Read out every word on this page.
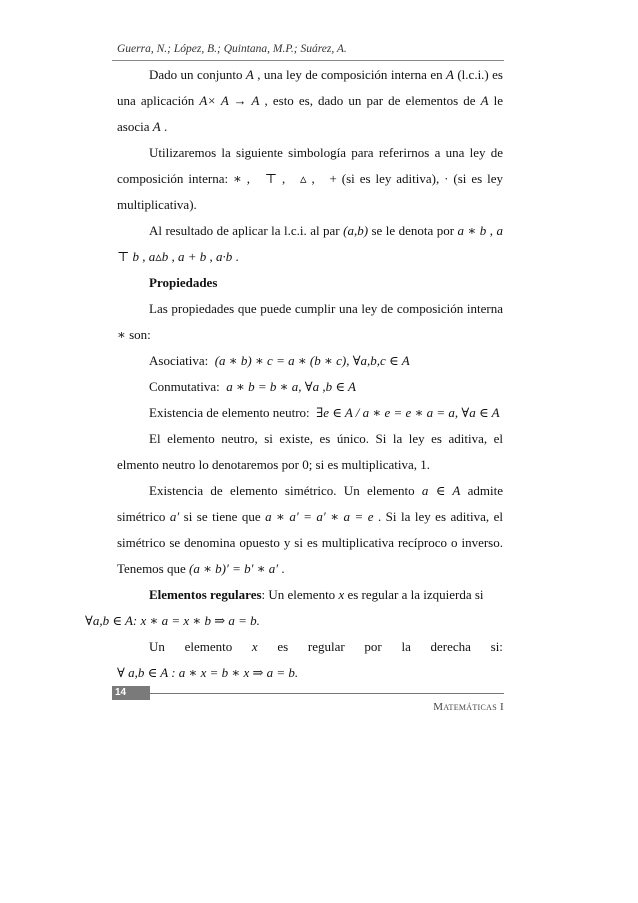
Guerra, N.; López, B.; Quintana, M.P.; Suárez, A.

Dado un conjunto A , una ley de composición interna en A (l.c.i.) es una aplicación A× A → A , esto es, dado un par de elementos de A le asocia A .

Utilizaremos la siguiente simbología para referirnos a una ley de composición interna: ∗ ,   ⊤ ,   ▵ ,   + (si es ley aditiva), · (si es ley multiplicativa).

Al resultado de aplicar la l.c.i. al par (a,b) se le denota por a ∗ b , a ⊤ b , a▵b , a + b , a·b .

Propiedades

Las propiedades que puede cumplir una ley de composición interna ∗ son:

Asociativa: (a ∗ b) ∗ c = a ∗ (b ∗ c), ∀a,b,c ∈ A

Conmutativa: a ∗ b = b ∗ a, ∀a ,b ∈ A

Existencia de elemento neutro: ∃e ∈ A / a ∗ e = e ∗ a = a, ∀a ∈ A

El elemento neutro, si existe, es único. Si la ley es aditiva, el elmento neutro lo denotaremos por 0; si es multiplicativa, 1.

Existencia de elemento simétrico. Un elemento a ∈ A admite simétrico a′ si se tiene que a ∗ a′ = a′ ∗ a = e . Si la ley es aditiva, el simétrico se denomina opuesto y si es multiplicativa recíproco o inverso. Tenemos que (a ∗ b)′ = b′ ∗ a′ .

Elementos regulares: Un elemento x es regular a la izquierda si
∀a,b ∈ A: x ∗ a = x ∗ b ⇒ a = b.

Un elemento x es regular por la derecha si:

∀ a,b ∈ A : a ∗ x = b ∗ x ⇒ a = b.

14
Matemáticas I
